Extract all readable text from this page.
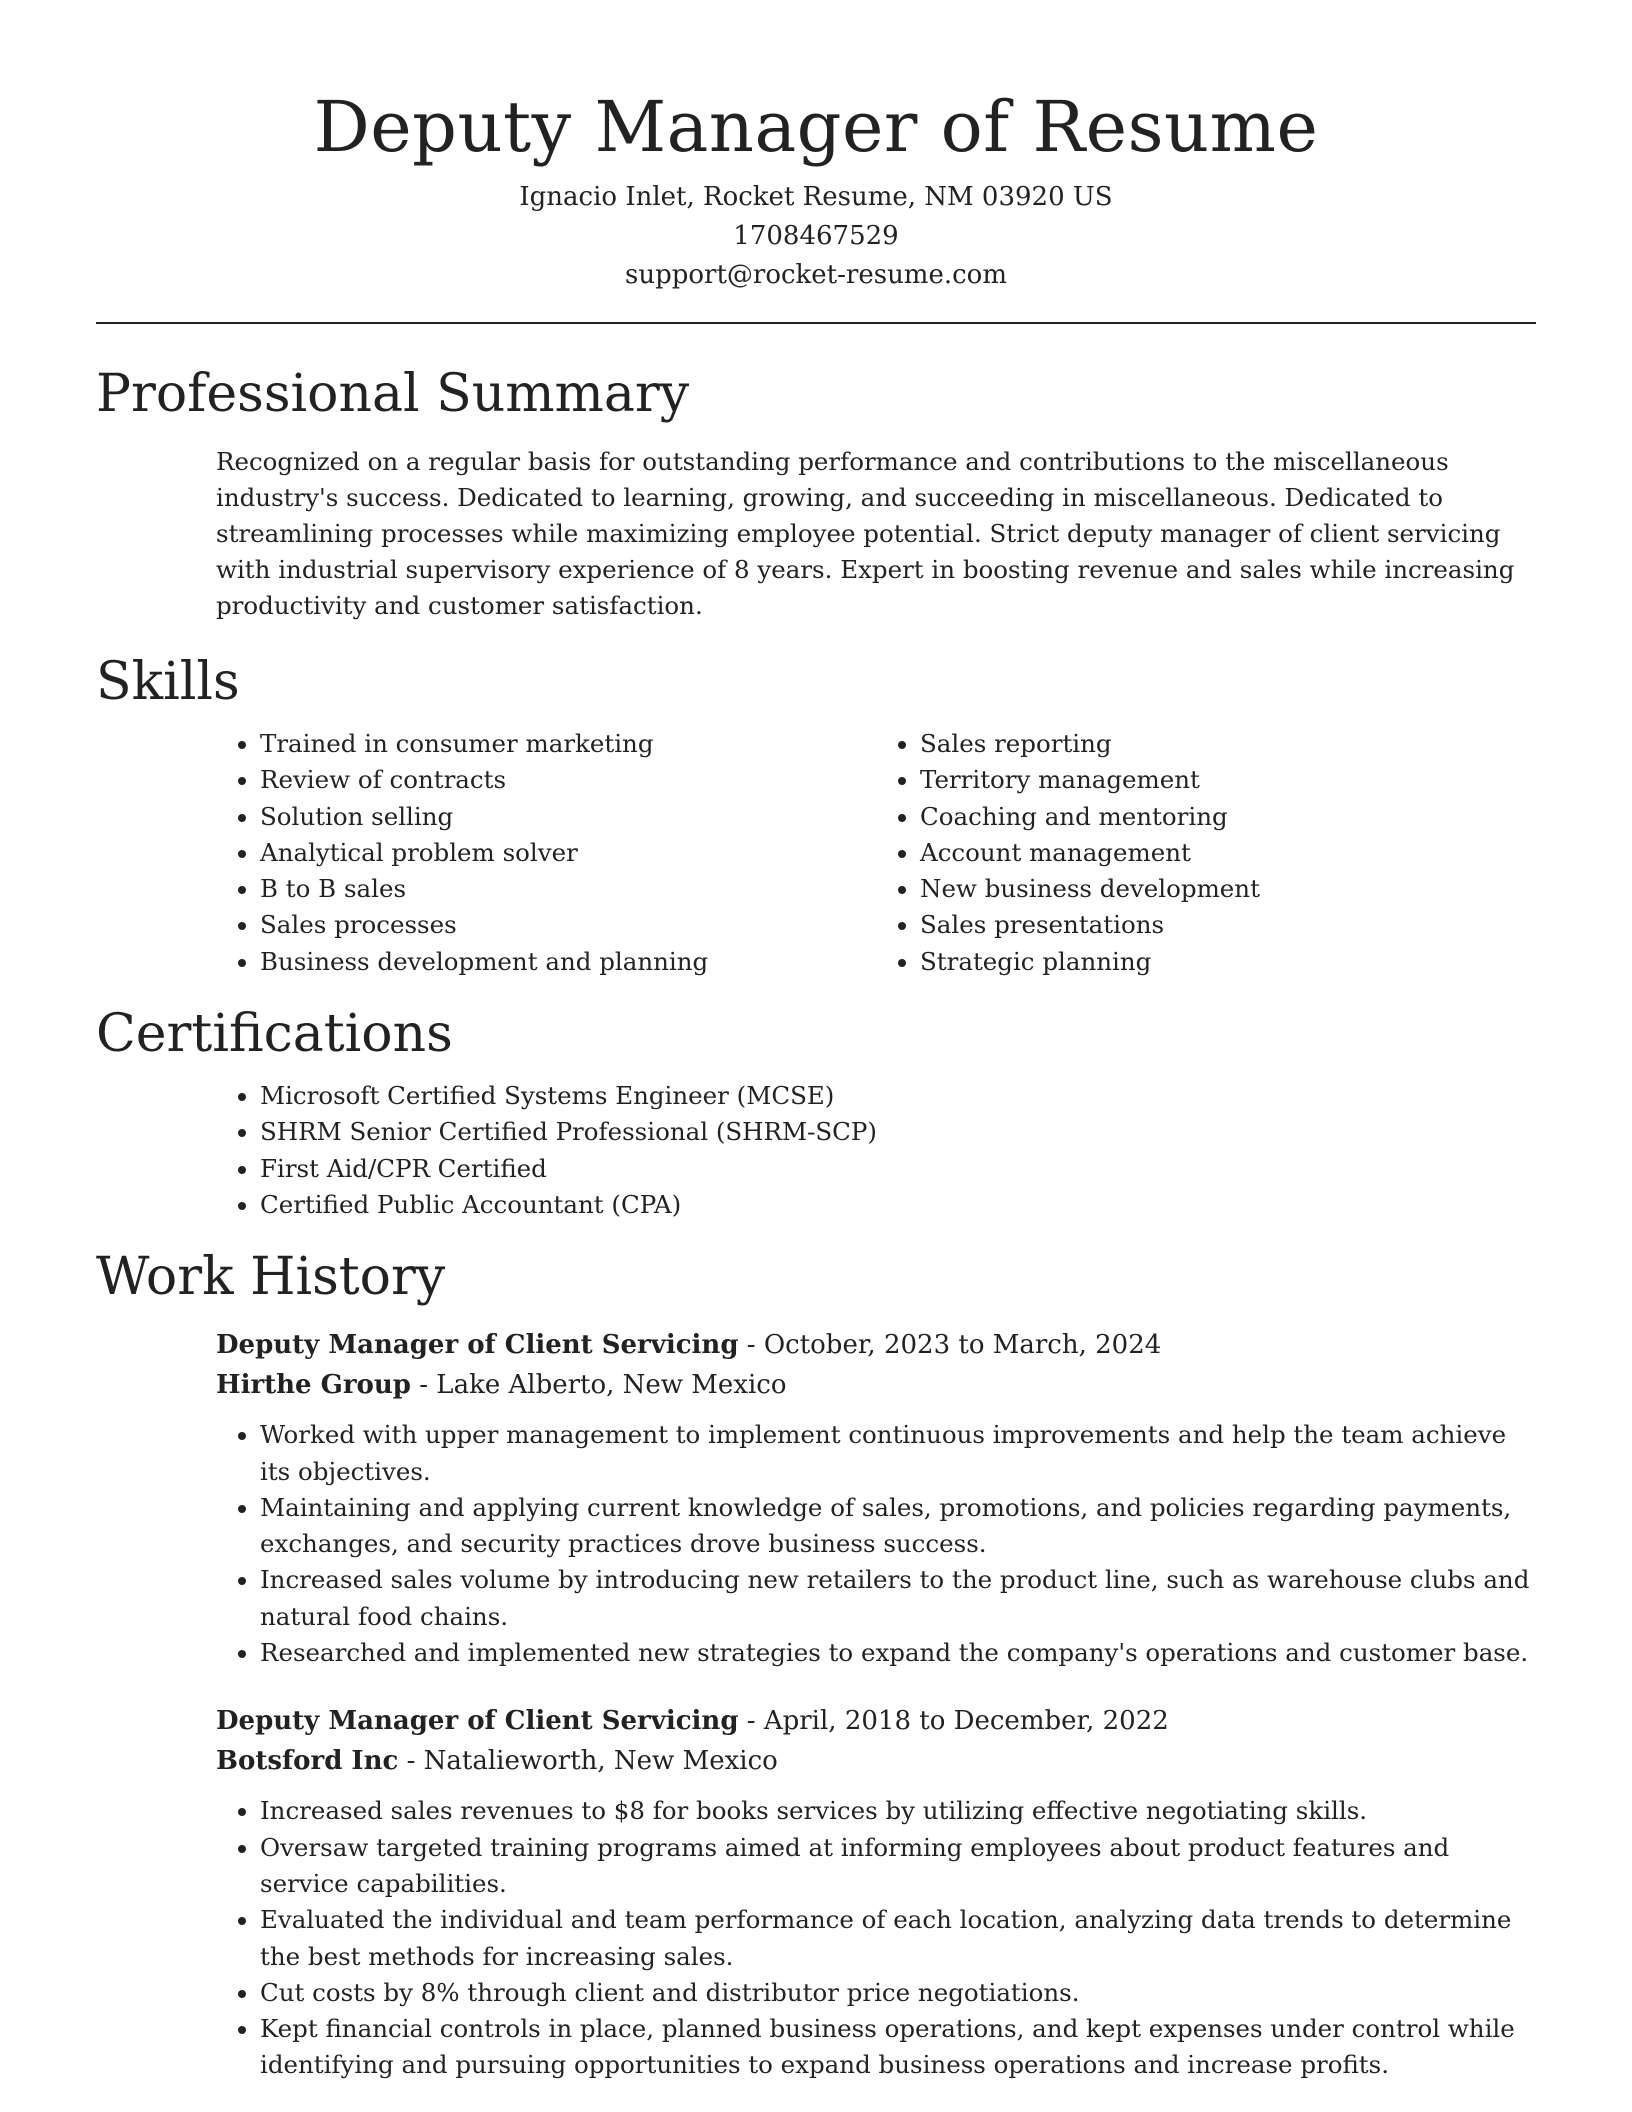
Deputy Manager of Resume
Ignacio Inlet, Rocket Resume, NM 03920 US
1708467529
support@rocket-resume.com
Professional Summary

Recognized on a regular basis for outstanding performance and contributions to the miscellaneous industry's success. Dedicated to learning, growing, and succeeding in miscellaneous. Dedicated to streamlining processes while maximizing employee potential. Strict deputy manager of client servicing with industrial supervisory experience of 8 years. Expert in boosting revenue and sales while increasing productivity and customer satisfaction.

Skills
• Trained in consumer marketing
• Review of contracts
• Solution selling
• Analytical problem solver
• B to B sales
• Sales processes
• Business development and planning
• Sales reporting
• Territory management
• Coaching and mentoring
• Account management
• New business development
• Sales presentations
• Strategic planning
Certifications
• Microsoft Certified Systems Engineer (MCSE)
• SHRM Senior Certified Professional (SHRM-SCP)
• First Aid/CPR Certified
• Certified Public Accountant (CPA)
Work History
Deputy Manager of Client Servicing - October, 2023 to March, 2024
Hirthe Group - Lake Alberto, New Mexico
• Worked with upper management to implement continuous improvements and help the team achieve its objectives.
• Maintaining and applying current knowledge of sales, promotions, and policies regarding payments, exchanges, and security practices drove business success.
• Increased sales volume by introducing new retailers to the product line, such as warehouse clubs and natural food chains.
• Researched and implemented new strategies to expand the company's operations and customer base.
Deputy Manager of Client Servicing - April, 2018 to December, 2022
Botsford Inc - Natalieworth, New Mexico
• Increased sales revenues to $8 for books services by utilizing effective negotiating skills.
• Oversaw targeted training programs aimed at informing employees about product features and service capabilities.
• Evaluated the individual and team performance of each location, analyzing data trends to determine the best methods for increasing sales.
• Cut costs by 8% through client and distributor price negotiations.
• Kept financial controls in place, planned business operations, and kept expenses under control while identifying and pursuing opportunities to expand business operations and increase profits.
